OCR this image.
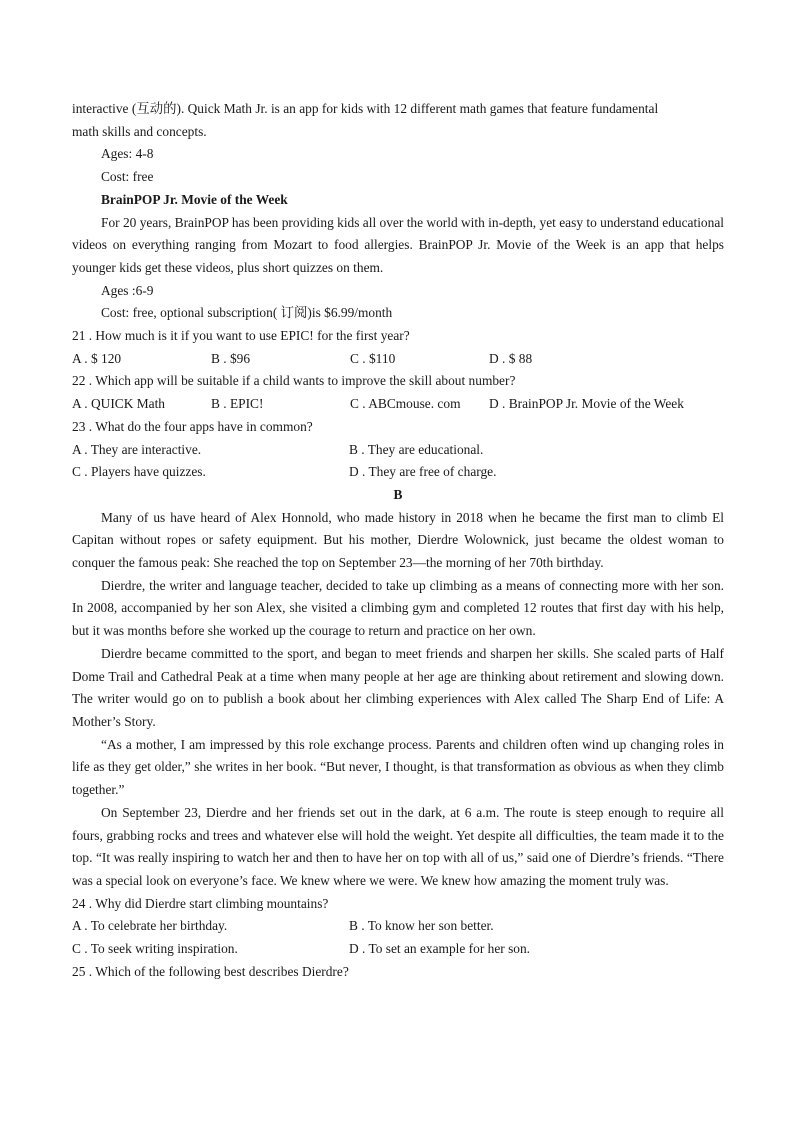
interactive (互动的). Quick Math Jr. is an app for kids with 12 different math games that feature fundamental

math skills and concepts.

Ages: 4-8

Cost: free

BrainPOP Jr. Movie of the Week

For 20 years, BrainPOP has been providing kids all over the world with in-depth, yet easy to understand educational videos on everything ranging from Mozart to food allergies. BrainPOP Jr. Movie of the Week is an app that helps younger kids get these videos, plus short quizzes on them.

Ages :6-9

Cost: free, optional subscription( 订阅)is $6.99/month

21 . How much is it if you want to use EPIC! for the first year?

A . $ 120	B . $96	C . $110	D . $ 88

22 . Which app will be suitable if a child wants to improve the skill about number?

A . QUICK Math	B . EPIC!	C . ABCmouse. com	D . BrainPOP Jr. Movie of the Week

23 . What do the four apps have in common?

A . They are interactive.	B . They are educational.
C . Players have quizzes.	D . They are free of charge.

B

Many of us have heard of Alex Honnold, who made history in 2018 when he became the first man to climb El Capitan without ropes or safety equipment. But his mother, Dierdre Wolownick, just became the oldest woman to conquer the famous peak: She reached the top on September 23—the morning of her 70th birthday.

Dierdre, the writer and language teacher, decided to take up climbing as a means of connecting more with her son. In 2008, accompanied by her son Alex, she visited a climbing gym and completed 12 routes that first day with his help, but it was months before she worked up the courage to return and practice on her own.

Dierdre became committed to the sport, and began to meet friends and sharpen her skills. She scaled parts of Half Dome Trail and Cathedral Peak at a time when many people at her age are thinking about retirement and slowing down. The writer would go on to publish a book about her climbing experiences with Alex called The Sharp End of Life: A Mother’s Story.

“As a mother, I am impressed by this role exchange process. Parents and children often wind up changing roles in life as they get older,” she writes in her book. “But never, I thought, is that transformation as obvious as when they climb together.”

On September 23, Dierdre and her friends set out in the dark, at 6 a.m. The route is steep enough to require all fours, grabbing rocks and trees and whatever else will hold the weight. Yet despite all difficulties, the team made it to the top. “It was really inspiring to watch her and then to have her on top with all of us,” said one of Dierdre’s friends. “There was a special look on everyone’s face. We knew where we were. We knew how amazing the moment truly was.

24 . Why did Dierdre start climbing mountains?

A . To celebrate her birthday.	B . To know her son better.
C . To seek writing inspiration.	D . To set an example for her son.

25 . Which of the following best describes Dierdre?
